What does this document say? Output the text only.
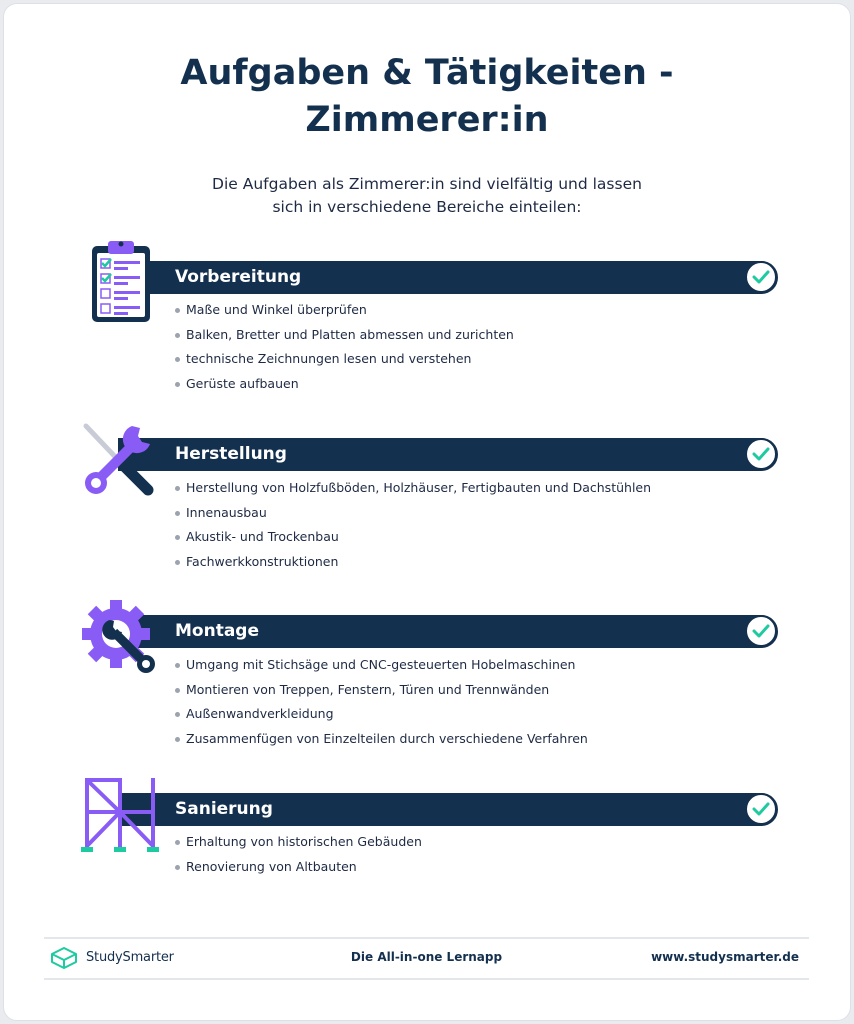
Aufgaben & Tätigkeiten -
Zimmerer:in
Die Aufgaben als Zimmerer:in sind vielfältig und lassen
sich in verschiedene Bereiche einteilen:
Vorbereitung
Maße und Winkel überprüfen
Balken, Bretter und Platten abmessen und zurichten
technische Zeichnungen lesen und verstehen
Gerüste aufbauen
Herstellung
Herstellung von Holzfußböden, Holzhäuser, Fertigbauten und Dachstühlen
Innenausbau
Akustik- und Trockenbau
Fachwerkkonstruktionen
Montage
Umgang mit Stichsäge und CNC-gesteuerten Hobelmaschinen
Montieren von Treppen, Fenstern, Türen und Trennwänden
Außenwandverkleidung
Zusammenfügen von Einzelteilen durch verschiedene Verfahren
Sanierung
Erhaltung von historischen Gebäuden
Renovierung von Altbauten
StudySmarter	Die All-in-one Lernapp	www.studysmarter.de
